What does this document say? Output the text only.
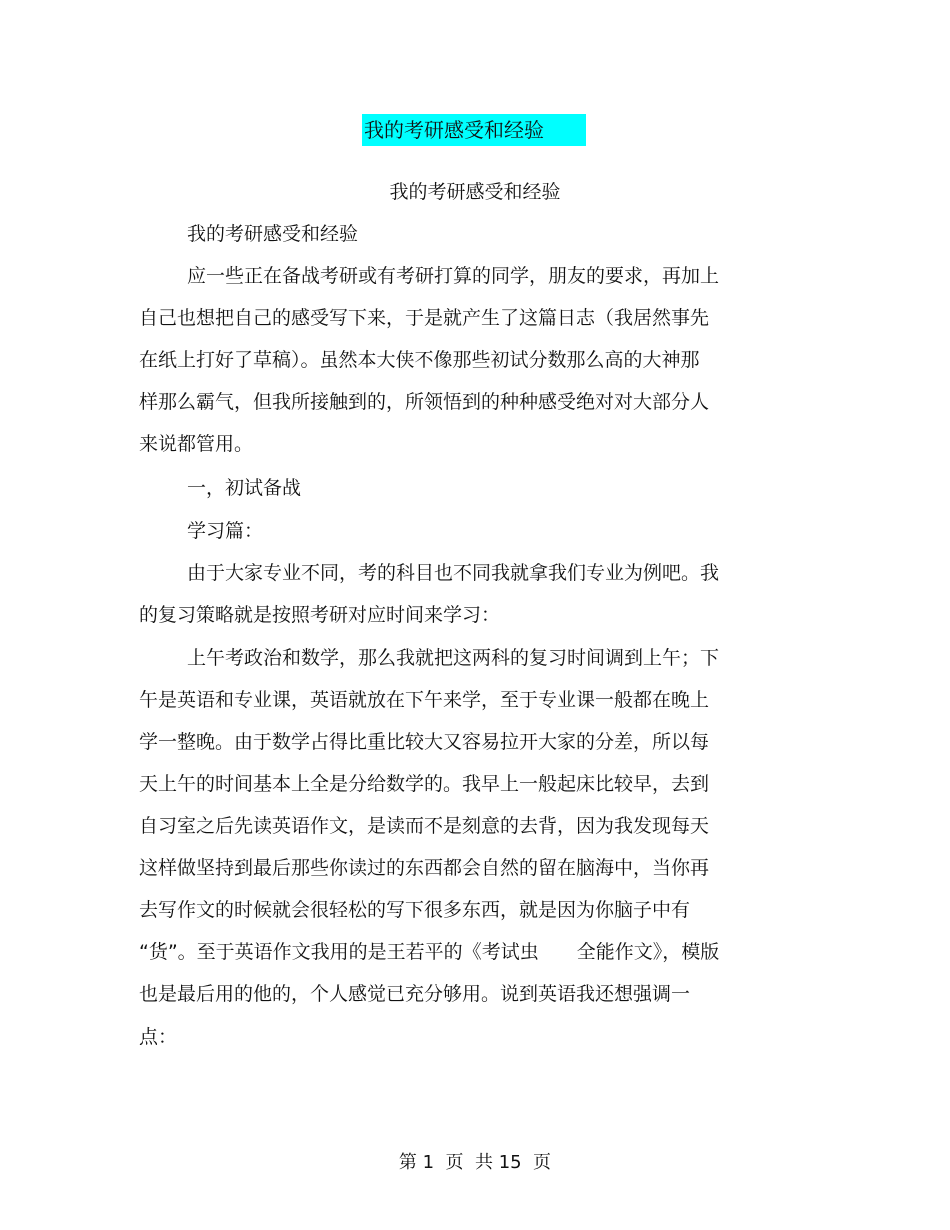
我的考研感受和经验
我的考研感受和经验
我的考研感受和经验
应一些正在备战考研或有考研打算的同学，朋友的要求，再加上
自己也想把自己的感受写下来，于是就产生了这篇日志（我居然事先
在纸上打好了草稿）。虽然本大侠不像那些初试分数那么高的大神那
样那么霸气，但我所接触到的，所领悟到的种种感受绝对对大部分人
来说都管用。
一，初试备战
学习篇：
由于大家专业不同，考的科目也不同我就拿我们专业为例吧。我
的复习策略就是按照考研对应时间来学习：
上午考政治和数学，那么我就把这两科的复习时间调到上午；下
午是英语和专业课，英语就放在下午来学，至于专业课一般都在晚上
学一整晚。由于数学占得比重比较大又容易拉开大家的分差，所以每
天上午的时间基本上全是分给数学的。我早上一般起床比较早，去到
自习室之后先读英语作文，是读而不是刻意的去背，因为我发现每天
这样做坚持到最后那些你读过的东西都会自然的留在脑海中，当你再
去写作文的时候就会很轻松的写下很多东西，就是因为你脑子中有
“货”。至于英语作文我用的是王若平的《考试虫　　全能作文》，模版
也是最后用的他的，个人感觉已充分够用。说到英语我还想强调一
点：
第 1  页  共 15  页
